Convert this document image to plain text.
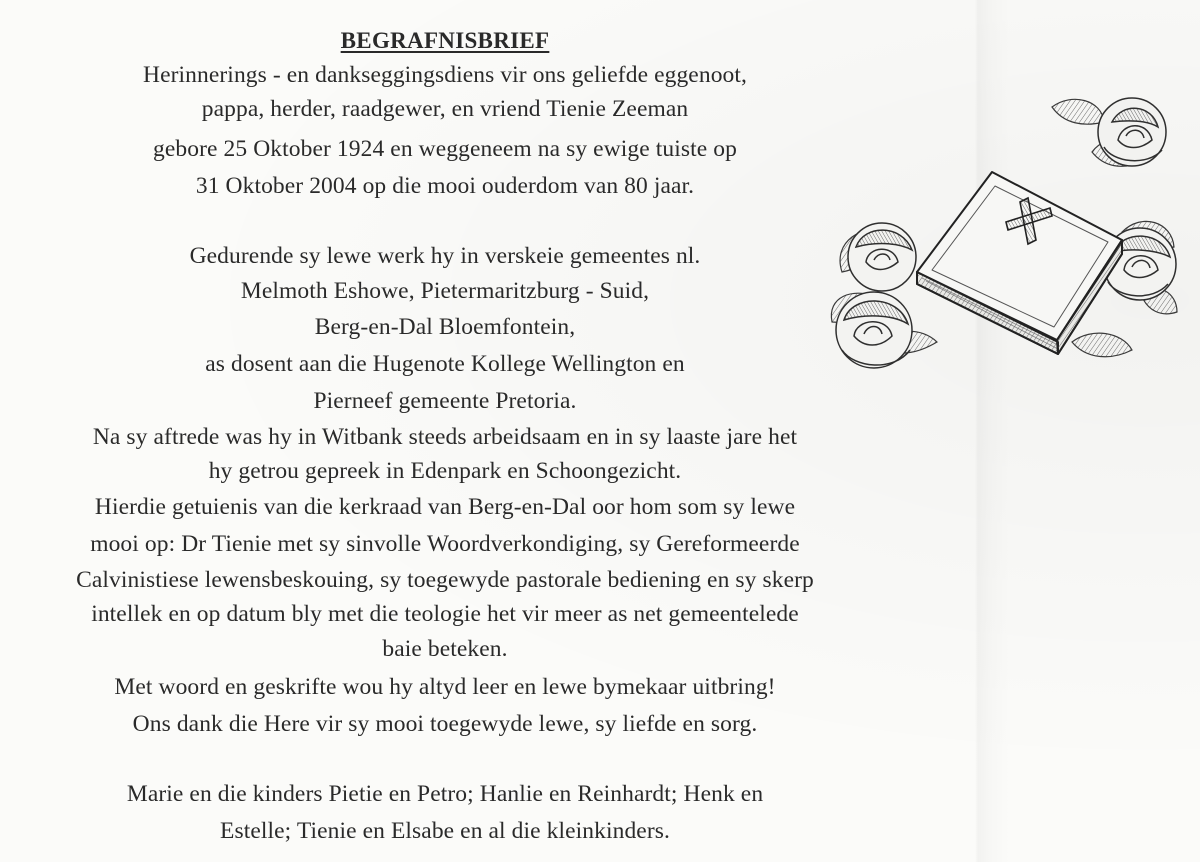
BEGRAFNISBRIEF
Herinnerings - en dankseggingsdiens vir ons geliefde eggenoot,
pappa, herder, raadgewer, en vriend Tienie Zeeman
gebore 25 Oktober 1924 en weggeneem na sy ewige tuiste op
31 Oktober 2004 op die mooi ouderdom van 80 jaar.
Gedurende sy lewe werk hy in verskeie gemeentes nl.
Melmoth Eshowe, Pietermaritzburg - Suid,
Berg-en-Dal Bloemfontein,
as dosent aan die Hugenote Kollege Wellington en
Pierneef gemeente Pretoria.
Na sy aftrede was hy in Witbank steeds arbeidsaam en in sy laaste jare het
hy getrou gepreek in Edenpark en Schoongezicht.
Hierdie getuienis van die kerkraad van Berg-en-Dal oor hom som sy lewe
mooi op: Dr Tienie met sy sinvolle Woordverkondiging, sy Gereformeerde
Calvinistiese lewensbeskouing, sy toegewyde pastorale bediening en sy skerp
intellek en op datum bly met die teologie het vir meer as net gemeentelede
baie beteken.
Met woord en geskrifte wou hy altyd leer en lewe bymekaar uitbring!
Ons dank die Here vir sy mooi toegewyde lewe, sy liefde en sorg.
Marie en die kinders Pietie en Petro; Hanlie en Reinhardt; Henk en
Estelle; Tienie en Elsabe en al die kleinkinders.
